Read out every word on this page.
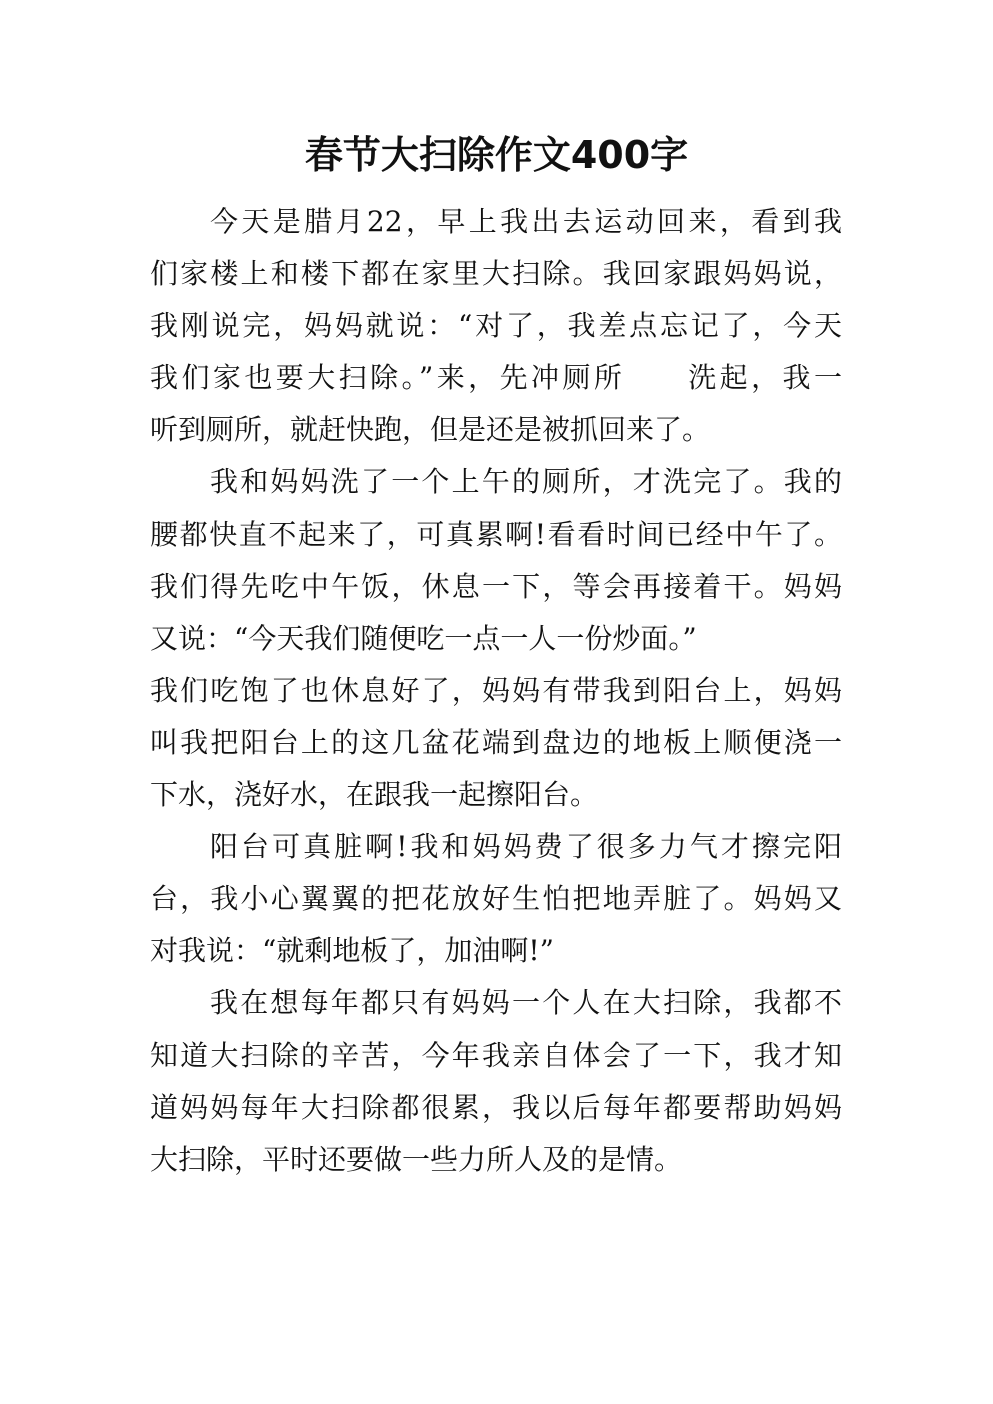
春节大扫除作文400字
今天是腊月22，早上我出去运动回来，看到我
们家楼上和楼下都在家里大扫除。我回家跟妈妈说，
我刚说完，妈妈就说：“对了，我差点忘记了，今天
我们家也要大扫除。”来，先冲厕所　　洗起，我一
听到厕所，就赶快跑，但是还是被抓回来了。
我和妈妈洗了一个上午的厕所，才洗完了。我的
腰都快直不起来了，可真累啊!看看时间已经中午了。
我们得先吃中午饭，休息一下，等会再接着干。妈妈
又说：“今天我们随便吃一点一人一份炒面。”
我们吃饱了也休息好了，妈妈有带我到阳台上，妈妈
叫我把阳台上的这几盆花端到盘边的地板上顺便浇一
下水，浇好水，在跟我一起擦阳台。
阳台可真脏啊!我和妈妈费了很多力气才擦完阳
台，我小心翼翼的把花放好生怕把地弄脏了。妈妈又
对我说：“就剩地板了，加油啊!”
我在想每年都只有妈妈一个人在大扫除，我都不
知道大扫除的辛苦，今年我亲自体会了一下，我才知
道妈妈每年大扫除都很累，我以后每年都要帮助妈妈
大扫除，平时还要做一些力所人及的是情。
